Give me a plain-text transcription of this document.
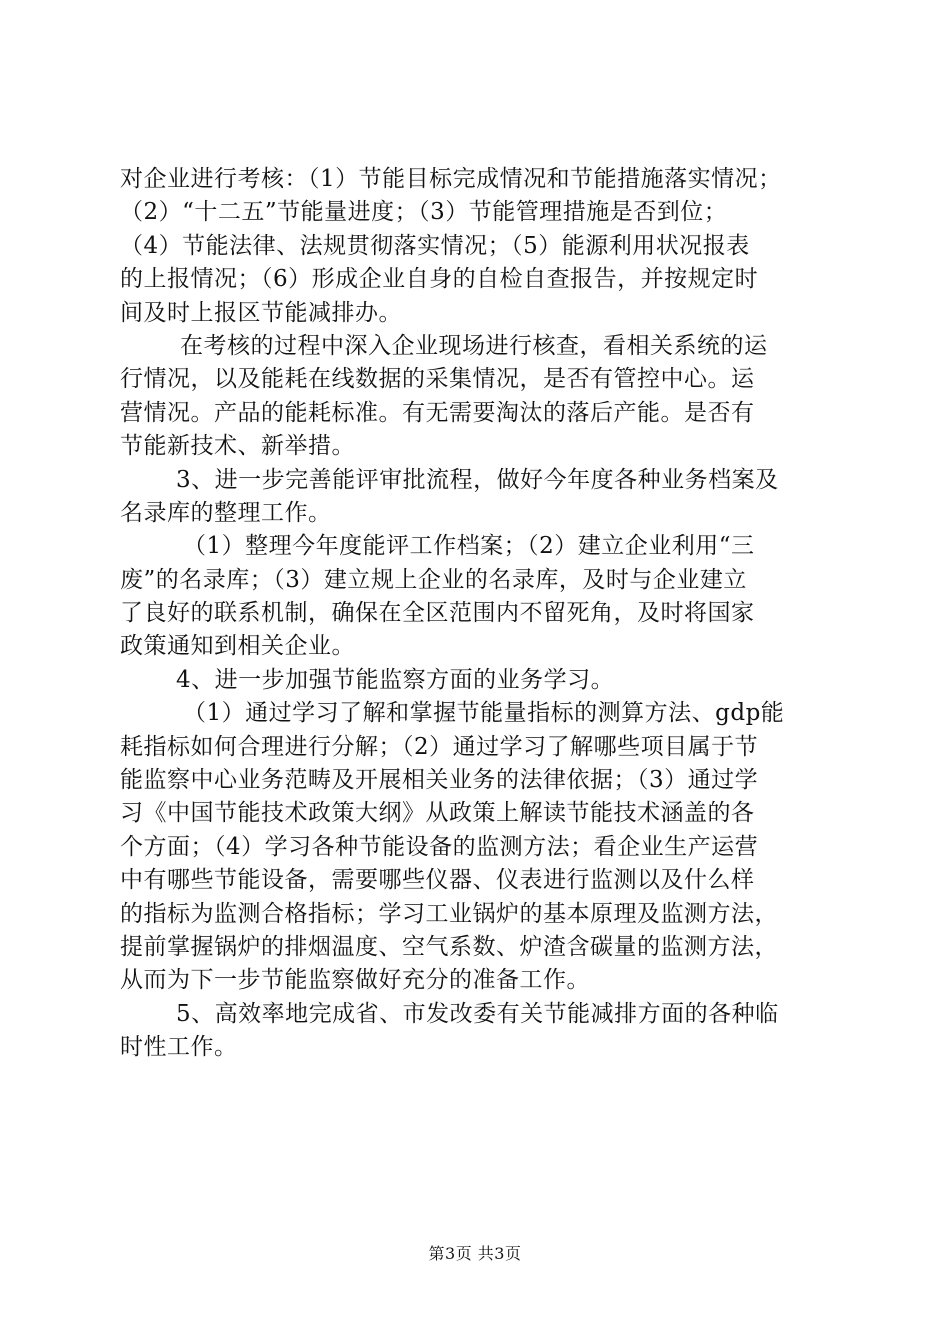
对企业进行考核：（1）节能目标完成情况和节能措施落实情况；
（2）“十二五”节能量进度；（3）节能管理措施是否到位；
（4）节能法律、法规贯彻落实情况；（5）能源利用状况报表
的上报情况；（6）形成企业自身的自检自查报告，并按规定时
间及时上报区节能减排办。
在考核的过程中深入企业现场进行核查，看相关系统的运
行情况，以及能耗在线数据的采集情况，是否有管控中心。运
营情况。产品的能耗标准。有无需要淘汰的落后产能。是否有
节能新技术、新举措。
3、进一步完善能评审批流程，做好今年度各种业务档案及
名录库的整理工作。
（1）整理今年度能评工作档案；（2）建立企业利用“三
废”的名录库；（3）建立规上企业的名录库，及时与企业建立
了良好的联系机制，确保在全区范围内不留死角，及时将国家
政策通知到相关企业。
4、进一步加强节能监察方面的业务学习。
（1）通过学习了解和掌握节能量指标的测算方法、gdp能
耗指标如何合理进行分解；（2）通过学习了解哪些项目属于节
能监察中心业务范畴及开展相关业务的法律依据；（3）通过学
习《中国节能技术政策大纲》从政策上解读节能技术涵盖的各
个方面；（4）学习各种节能设备的监测方法；看企业生产运营
中有哪些节能设备，需要哪些仪器、仪表进行监测以及什么样
的指标为监测合格指标；学习工业锅炉的基本原理及监测方法，
提前掌握锅炉的排烟温度、空气系数、炉渣含碳量的监测方法，
从而为下一步节能监察做好充分的准备工作。
5、高效率地完成省、市发改委有关节能减排方面的各种临
时性工作。
第3页 共3页
